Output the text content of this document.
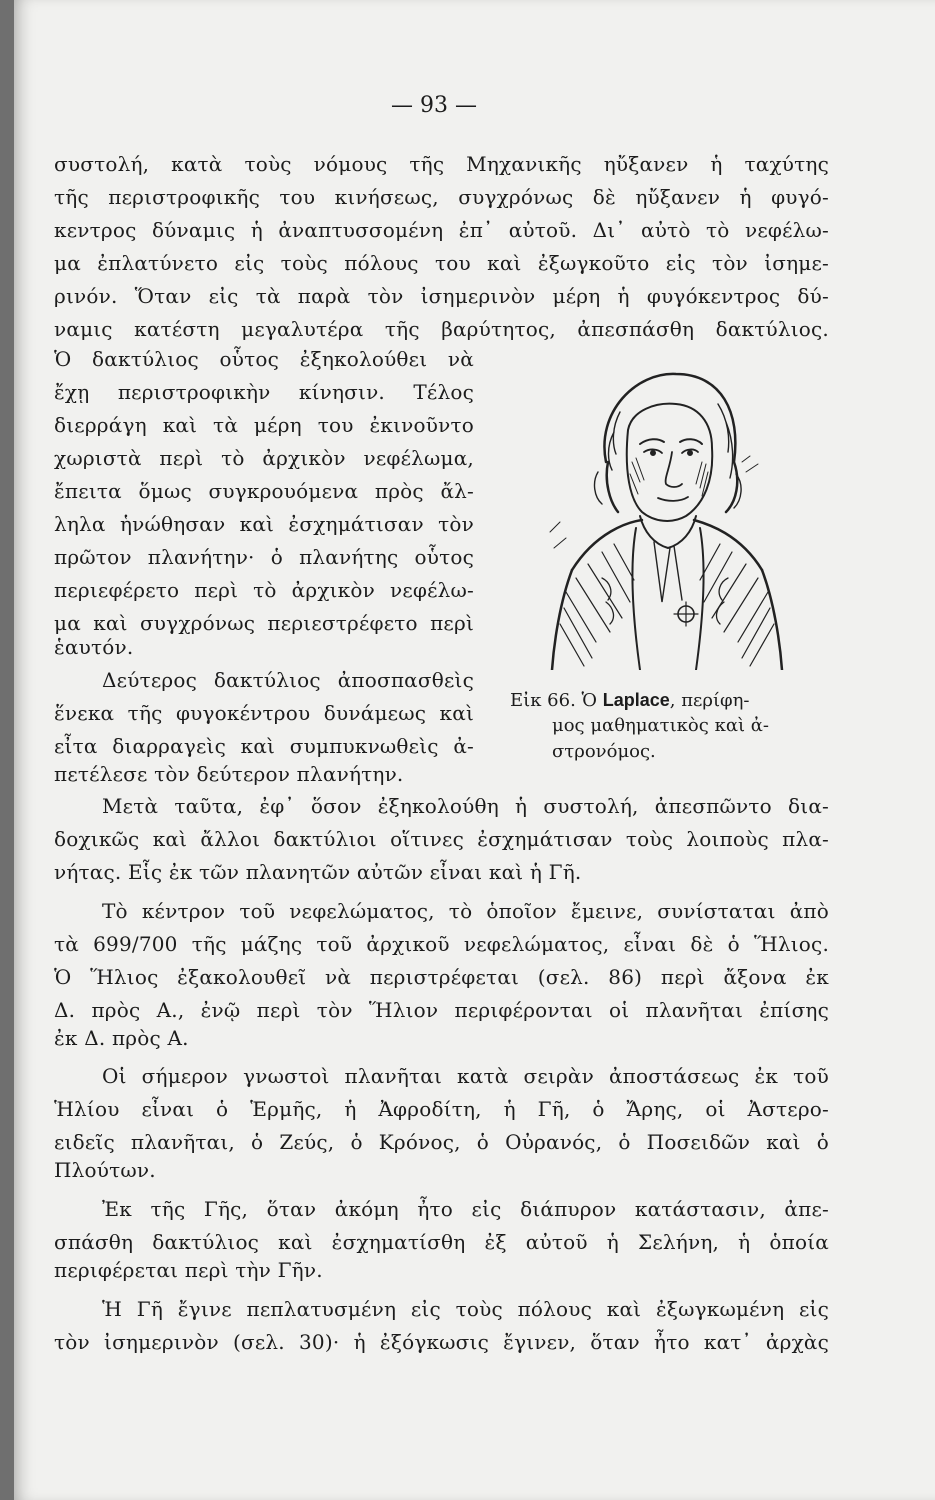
— 93 —

συστολή, κατὰ τοὺς νόμους τῆς Μηχανικῆς ηὔξανεν ἡ ταχύτης

τῆς περιστροφικῆς του κινήσεως, συγχρόνως δὲ ηὔξανεν ἡ φυγό-

κεντρος δύναμις ἡ ἀναπτυσσομένη ἐπ᾿ αὐτοῦ. Δι᾿ αὐτὸ τὸ νεφέλω-

μα ἐπλατύνετο εἰς τοὺς πόλους του καὶ ἐξωγκοῦτο εἰς τὸν ἰσημε-

ρινόν. Ὅταν εἰς τὰ παρὰ τὸν ἰσημερινὸν μέρη ἡ φυγόκεντρος δύ-

ναμις κατέστη μεγαλυτέρα τῆς βαρύτητος, ἀπεσπάσθη δακτύλιος.

Ὁ δακτύλιος οὗτος ἐξηκολούθει νὰ

ἔχῃ περιστροφικὴν κίνησιν. Τέλος

διερράγη καὶ τὰ μέρη του ἐκινοῦντο

χωριστὰ περὶ τὸ ἀρχικὸν νεφέλωμα,

ἔπειτα ὅμως συγκρουόμενα πρὸς ἄλ-

ληλα ἡνώθησαν καὶ ἐσχημάτισαν τὸν

πρῶτον πλανήτην· ὁ πλανήτης οὗτος

περιεφέρετο περὶ τὸ ἀρχικὸν νεφέλω-

μα καὶ συγχρόνως περιεστρέφετο περὶ

ἑαυτόν.

Δεύτερος δακτύλιος ἀποσπασθεὶς

ἕνεκα τῆς φυγοκέντρου δυνάμεως καὶ

εἶτα διαρραγεὶς καὶ συμπυκνωθεὶς ἀ-

πετέλεσε τὸν δεύτερον πλανήτην.

Εἰκ 66. Ὁ Laplace, περίφη-

μος μαθηματικὸς καὶ ἀ-

στρονόμος.

Μετὰ ταῦτα, ἐφ᾿ ὅσον ἐξηκολούθη ἡ συστολή, ἀπεσπῶντο δια-

δοχικῶς καὶ ἄλλοι δακτύλιοι οἵτινες ἐσχημάτισαν τοὺς λοιποὺς πλα-

νήτας. Εἷς ἐκ τῶν πλανητῶν αὐτῶν εἶναι καὶ ἡ Γῆ.

Τὸ κέντρον τοῦ νεφελώματος, τὸ ὁποῖον ἔμεινε, συνίσταται ἀπὸ

τὰ 699/700 τῆς μάζης τοῦ ἀρχικοῦ νεφελώματος, εἶναι δὲ ὁ Ἥλιος.

Ὁ Ἥλιος ἐξακολουθεῖ νὰ περιστρέφεται (σελ. 86) περὶ ἄξονα ἐκ

Δ. πρὸς Α., ἐνῷ περὶ τὸν Ἥλιον περιφέρονται οἱ πλανῆται ἐπίσης

ἐκ Δ. πρὸς Α.

Οἱ σήμερον γνωστοὶ πλανῆται κατὰ σειρὰν ἀποστάσεως ἐκ τοῦ

Ἡλίου εἶναι ὁ Ἑρμῆς, ἡ Ἀφροδίτη, ἡ Γῆ, ὁ Ἄρης, οἱ Ἀστερο-

ειδεῖς πλανῆται, ὁ Ζεύς, ὁ Κρόνος, ὁ Οὐρανός, ὁ Ποσειδῶν καὶ ὁ

Πλούτων.

Ἐκ τῆς Γῆς, ὅταν ἀκόμη ἦτο εἰς διάπυρον κατάστασιν, ἀπε-

σπάσθη δακτύλιος καὶ ἐσχηματίσθη ἐξ αὐτοῦ ἡ Σελήνη, ἡ ὁποία

περιφέρεται περὶ τὴν Γῆν.

Ἡ Γῆ ἔγινε πεπλατυσμένη εἰς τοὺς πόλους καὶ ἐξωγκωμένη εἰς

τὸν ἰσημερινὸν (σελ. 30)· ἡ ἐξόγκωσις ἔγινεν, ὅταν ἦτο κατ᾿ ἀρχὰς
